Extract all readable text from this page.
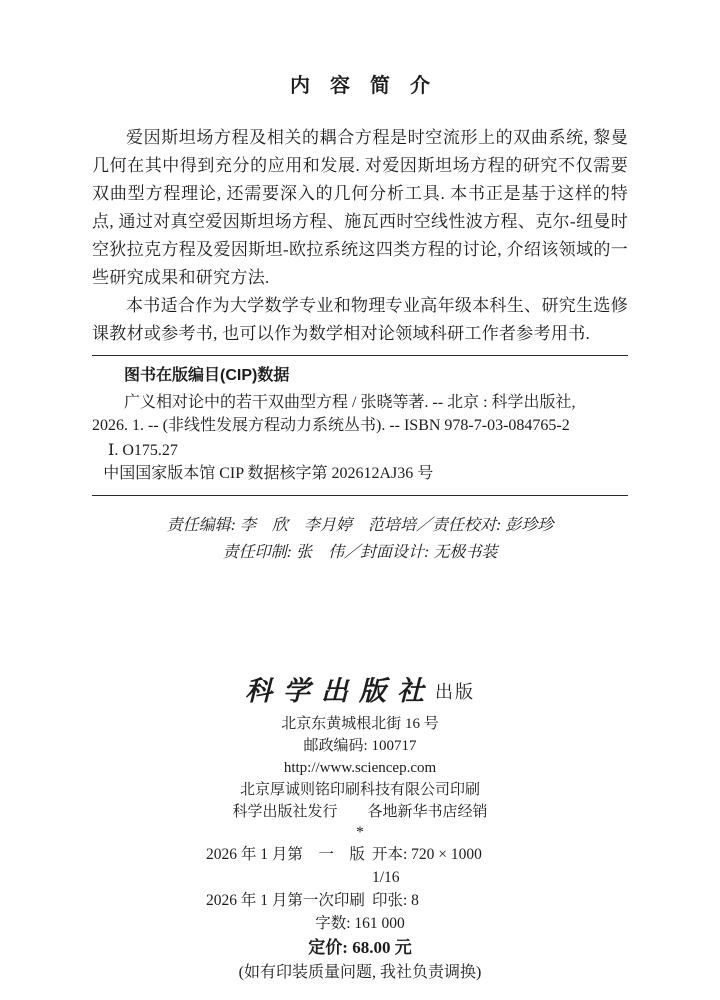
内　容　简　介

爱因斯坦场方程及相关的耦合方程是时空流形上的双曲系统, 黎曼几何在其中得到充分的应用和发展. 对爱因斯坦场方程的研究不仅需要双曲型方程理论, 还需要深入的几何分析工具. 本书正是基于这样的特点, 通过对真空爱因斯坦场方程、施瓦西时空线性波方程、克尔-纽曼时空狄拉克方程及爱因斯坦-欧拉系统这四类方程的讨论, 介绍该领域的一些研究成果和研究方法.

本书适合作为大学数学专业和物理专业高年级本科生、研究生选修课教材或参考书, 也可以作为数学相对论领域科研工作者参考用书.

图书在版编目(CIP)数据
广义相对论中的若干双曲型方程 / 张晓等著. -- 北京 : 科学出版社,
2026. 1. -- (非线性发展方程动力系统丛书). -- ISBN 978-7-03-084765-2
Ⅰ. O175.27
中国国家版本馆 CIP 数据核字第 202612AJ36 号
责任编辑: 李　欣　李月婷　范培培／责任校对: 彭珍珍
责任印制: 张　伟／封面设计: 无极书装
科学出版社出版
北京东黄城根北街 16 号
邮政编码: 100717
http://www.sciencep.com
北京厚诚则铭印刷科技有限公司印刷
科学出版社发行　　各地新华书店经销
*
2026 年 1 月第　一　版 开本: 720 × 1000　 1/16
2026 年 1 月第一次印刷 印张: 8
字数: 161 000
定价: 68.00 元
(如有印装质量问题, 我社负责调换)
